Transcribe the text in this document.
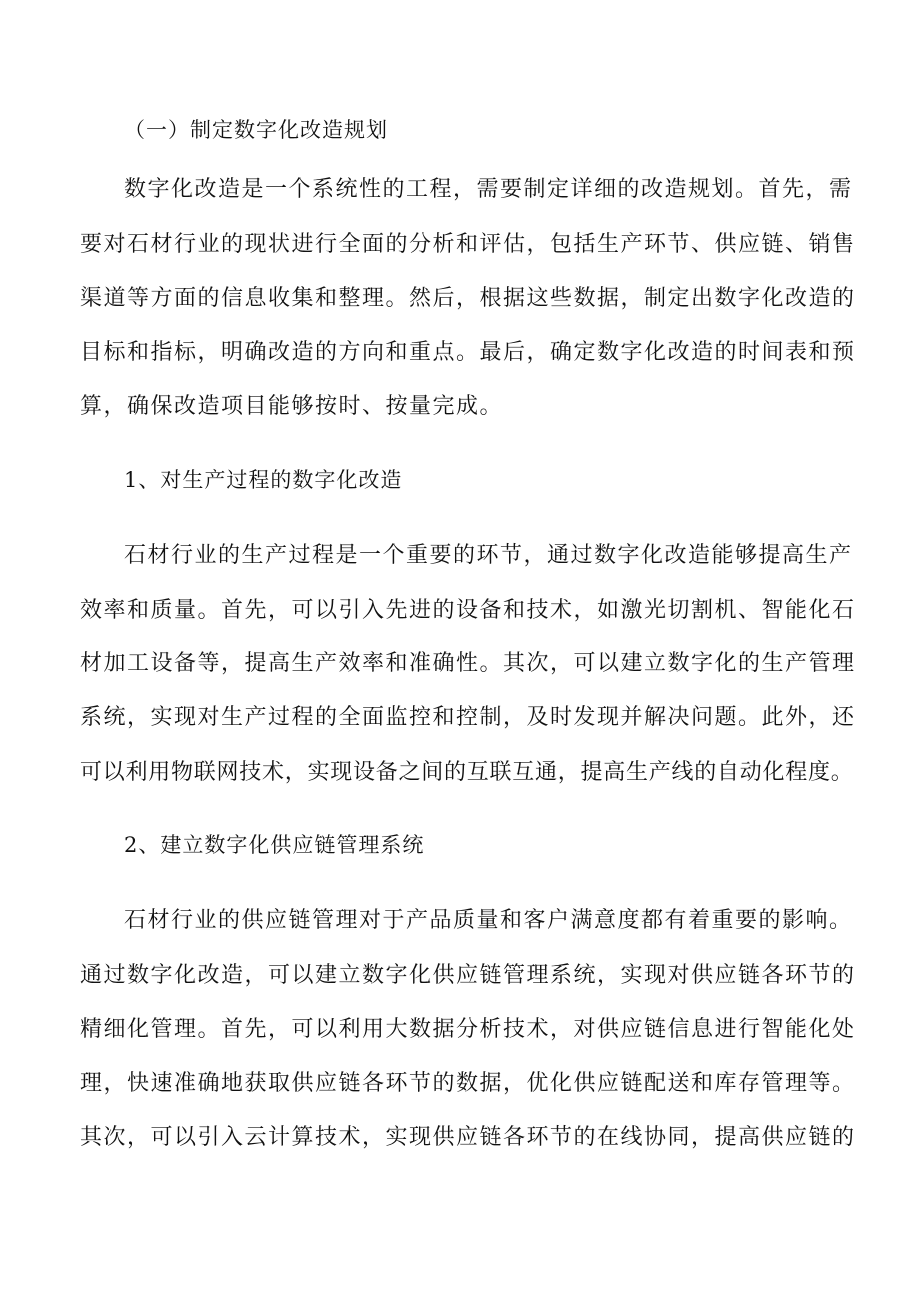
（一）制定数字化改造规划
数字化改造是一个系统性的工程，需要制定详细的改造规划。首先，需
要对石材行业的现状进行全面的分析和评估，包括生产环节、供应链、销售
渠道等方面的信息收集和整理。然后，根据这些数据，制定出数字化改造的
目标和指标，明确改造的方向和重点。最后，确定数字化改造的时间表和预
算，确保改造项目能够按时、按量完成。
1、对生产过程的数字化改造
石材行业的生产过程是一个重要的环节，通过数字化改造能够提高生产
效率和质量。首先，可以引入先进的设备和技术，如激光切割机、智能化石
材加工设备等，提高生产效率和准确性。其次，可以建立数字化的生产管理
系统，实现对生产过程的全面监控和控制，及时发现并解决问题。此外，还
可以利用物联网技术，实现设备之间的互联互通，提高生产线的自动化程度。
2、建立数字化供应链管理系统
石材行业的供应链管理对于产品质量和客户满意度都有着重要的影响。
通过数字化改造，可以建立数字化供应链管理系统，实现对供应链各环节的
精细化管理。首先，可以利用大数据分析技术，对供应链信息进行智能化处
理，快速准确地获取供应链各环节的数据，优化供应链配送和库存管理等。
其次，可以引入云计算技术，实现供应链各环节的在线协同，提高供应链的
